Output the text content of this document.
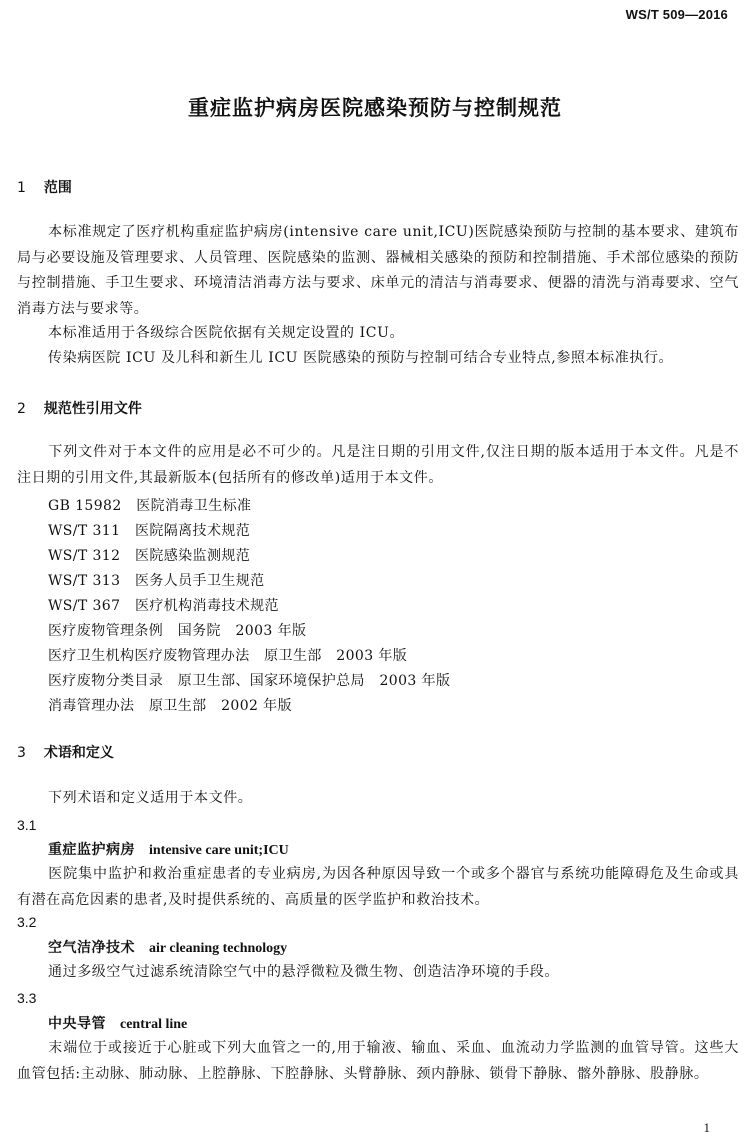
WS/T 509—2016
重症监护病房医院感染预防与控制规范
1 范围
本标准规定了医疗机构重症监护病房(intensive care unit,ICU)医院感染预防与控制的基本要求、建筑布局与必要设施及管理要求、人员管理、医院感染的监测、器械相关感染的预防和控制措施、手术部位感染的预防与控制措施、手卫生要求、环境清洁消毒方法与要求、床单元的清洁与消毒要求、便器的清洗与消毒要求、空气消毒方法与要求等。
本标准适用于各级综合医院依据有关规定设置的 ICU。
传染病医院 ICU 及儿科和新生儿 ICU 医院感染的预防与控制可结合专业特点,参照本标准执行。
2 规范性引用文件
下列文件对于本文件的应用是必不可少的。凡是注日期的引用文件,仅注日期的版本适用于本文件。凡是不注日期的引用文件,其最新版本(包括所有的修改单)适用于本文件。
GB 15982   医院消毒卫生标准
WS/T 311   医院隔离技术规范
WS/T 312   医院感染监测规范
WS/T 313   医务人员手卫生规范
WS/T 367   医疗机构消毒技术规范
医疗废物管理条例   国务院   2003 年版
医疗卫生机构医疗废物管理办法   原卫生部   2003 年版
医疗废物分类目录   原卫生部、国家环境保护总局   2003 年版
消毒管理办法   原卫生部   2002 年版
3 术语和定义
下列术语和定义适用于本文件。
3.1
重症监护病房 intensive care unit;ICU
医院集中监护和救治重症患者的专业病房,为因各种原因导致一个或多个器官与系统功能障碍危及生命或具有潜在高危因素的患者,及时提供系统的、高质量的医学监护和救治技术。
3.2
空气洁净技术 air cleaning technology
通过多级空气过滤系统清除空气中的悬浮微粒及微生物、创造洁净环境的手段。
3.3
中央导管 central line
末端位于或接近于心脏或下列大血管之一的,用于输液、输血、采血、血流动力学监测的血管导管。这些大血管包括:主动脉、肺动脉、上腔静脉、下腔静脉、头臂静脉、颈内静脉、锁骨下静脉、髂外静脉、股静脉。
1
